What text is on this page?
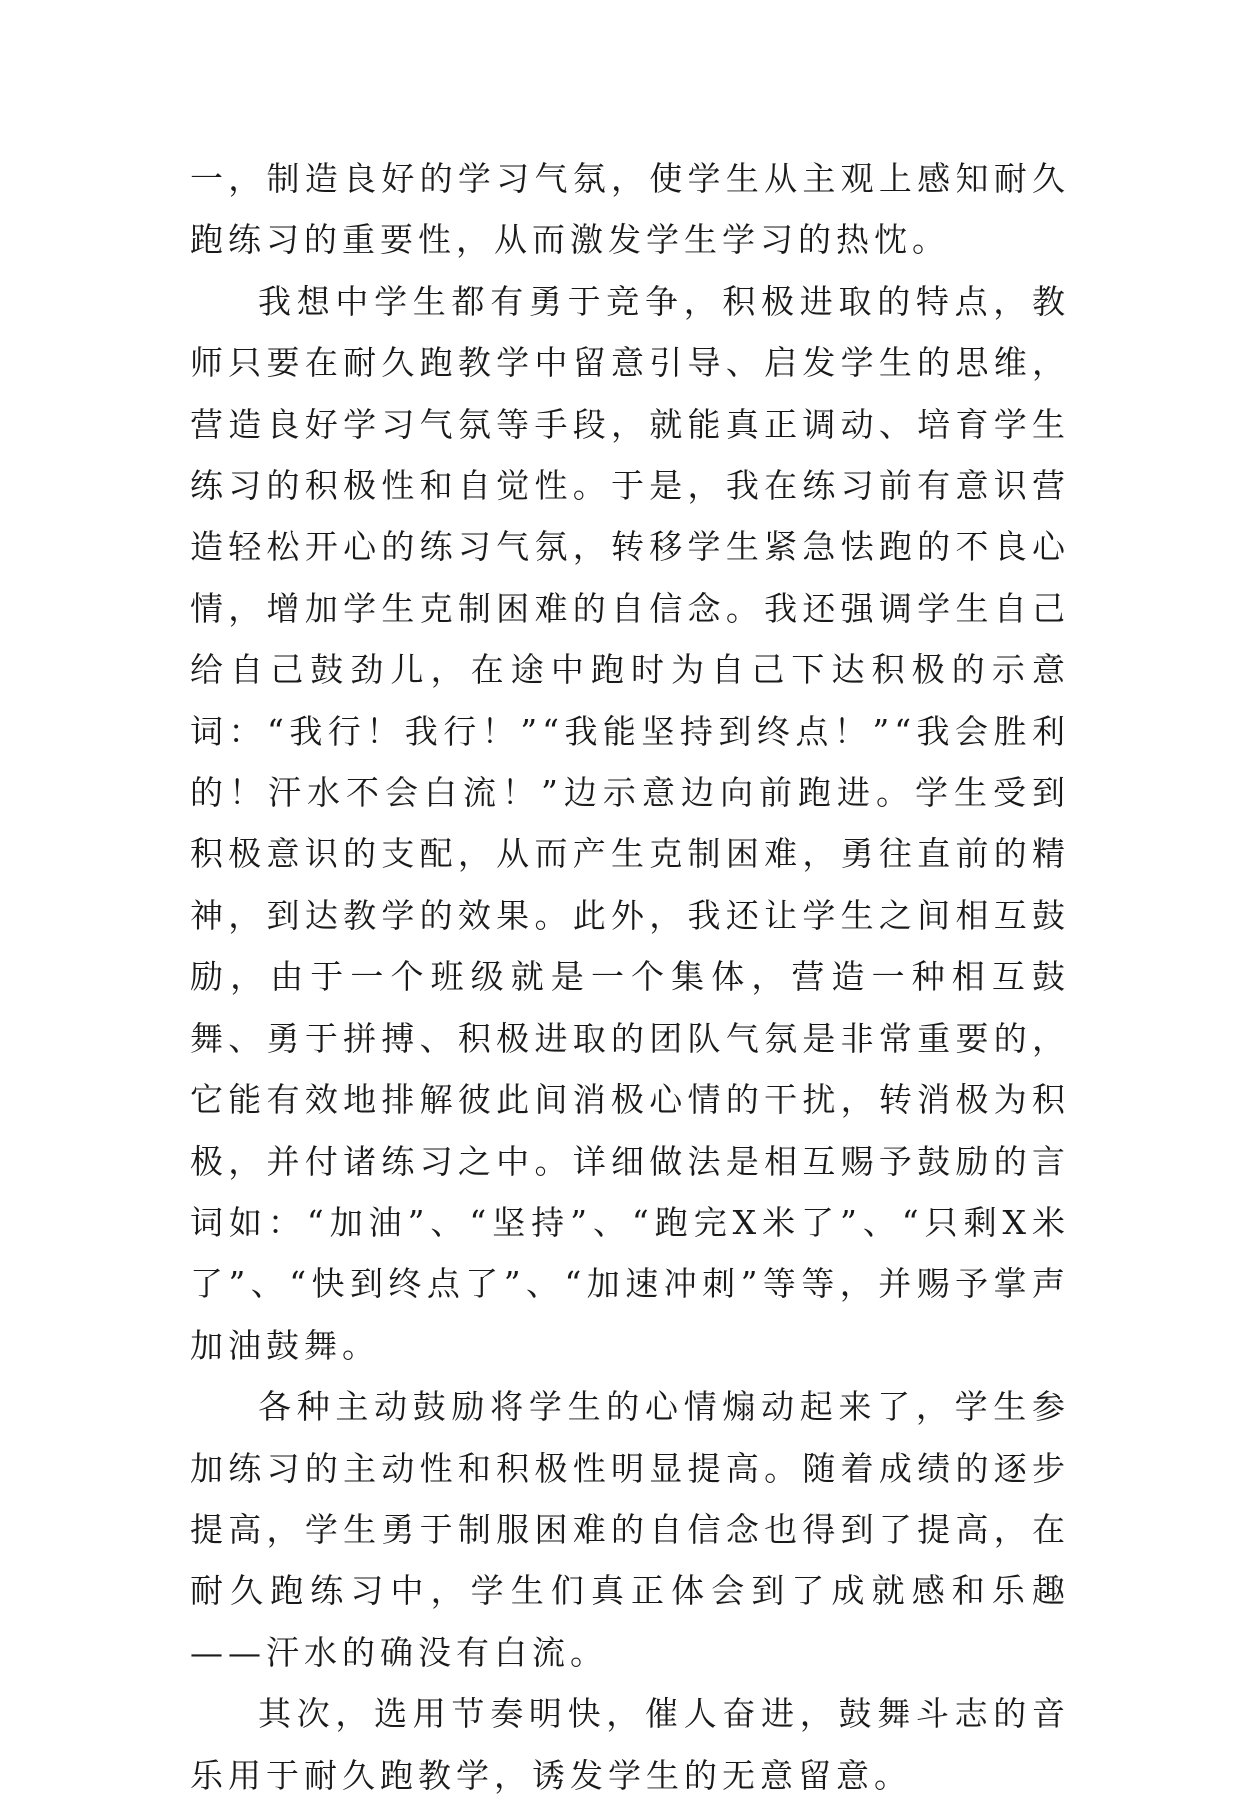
一，制造良好的学习气氛，使学生从主观上感知耐久跑练习的重要性，从而激发学生学习的热忱。

我想中学生都有勇于竞争，积极进取的特点，教师只要在耐久跑教学中留意引导、启发学生的思维，营造良好学习气氛等手段，就能真正调动、培育学生练习的积极性和自觉性。于是，我在练习前有意识营造轻松开心的练习气氛，转移学生紧急怯跑的不良心情，增加学生克制困难的自信念。我还强调学生自己给自己鼓劲儿，在途中跑时为自己下达积极的示意词：“我行！我行！”“我能坚持到终点！”“我会胜利的！汗水不会白流！”边示意边向前跑进。学生受到积极意识的支配，从而产生克制困难，勇往直前的精神，到达教学的效果。此外，我还让学生之间相互鼓励，由于一个班级就是一个集体，营造一种相互鼓舞、勇于拼搏、积极进取的团队气氛是非常重要的，它能有效地排解彼此间消极心情的干扰，转消极为积极，并付诸练习之中。详细做法是相互赐予鼓励的言词如：“加油”、“坚持”、“跑完X米了”、“只剩X米了”、“快到终点了”、“加速冲刺”等等，并赐予掌声加油鼓舞。

各种主动鼓励将学生的心情煽动起来了，学生参加练习的主动性和积极性明显提高。随着成绩的逐步提高，学生勇于制服困难的自信念也得到了提高，在耐久跑练习中，学生们真正体会到了成就感和乐趣——汗水的确没有白流。

其次，选用节奏明快，催人奋进，鼓舞斗志的音乐用于耐久跑教学，诱发学生的无意留意。
